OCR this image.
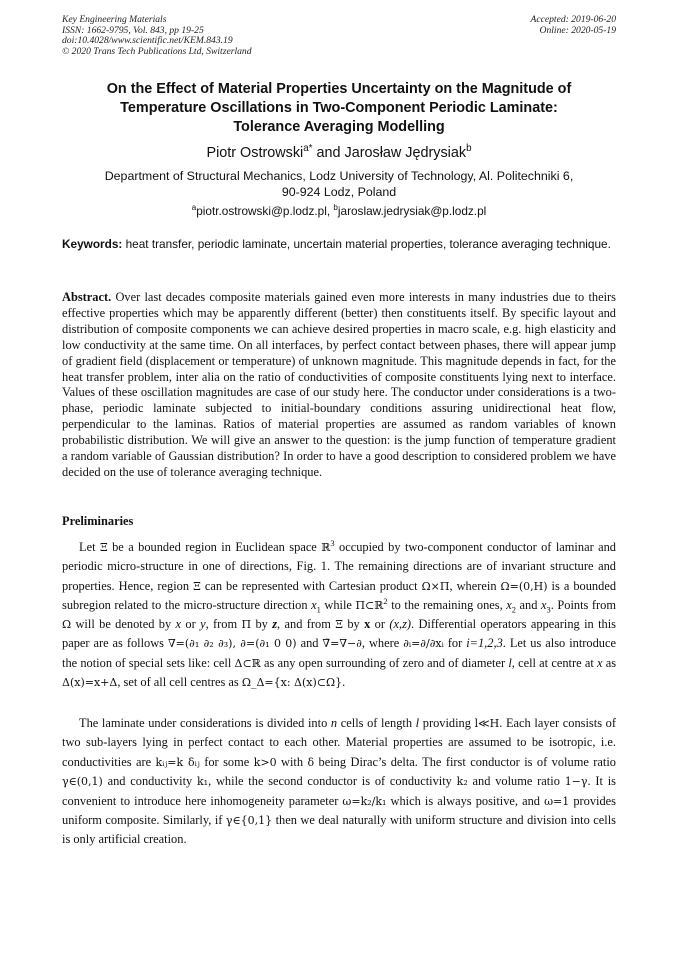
Key Engineering Materials
ISSN: 1662-9795, Vol. 843, pp 19-25
doi:10.4028/www.scientific.net/KEM.843.19
© 2020 Trans Tech Publications Ltd, Switzerland
Accepted: 2019-06-20
Online: 2020-05-19
On the Effect of Material Properties Uncertainty on the Magnitude of
Temperature Oscillations in Two-Component Periodic Laminate:
Tolerance Averaging Modelling
Piotr Ostrowski$^{a*}$ and Jarosław Jędrysiak$^b$
Department of Structural Mechanics, Lodz University of Technology, Al. Politechniki 6,
90-924 Lodz, Poland
$^a$piotr.ostrowski@p.lodz.pl, $^b$jaroslaw.jedrysiak@p.lodz.pl
Keywords: heat transfer, periodic laminate, uncertain material properties, tolerance averaging technique.
Abstract. Over last decades composite materials gained even more interests in many industries due to theirs effective properties which may be apparently different (better) then constituents itself. By specific layout and distribution of composite components we can achieve desired properties in macro scale, e.g. high elasticity and low conductivity at the same time. On all interfaces, by perfect contact between phases, there will appear jump of gradient field (displacement or temperature) of unknown magnitude. This magnitude depends in fact, for the heat transfer problem, inter alia on the ratio of conductivities of composite constituents lying next to interface. Values of these oscillation magnitudes are case of our study here. The conductor under considerations is a two-phase, periodic laminate subjected to initial-boundary conditions assuring unidirectional heat flow, perpendicular to the laminas. Ratios of material properties are assumed as random variables of known probabilistic distribution. We will give an answer to the question: is the jump function of temperature gradient a random variable of Gaussian distribution? In order to have a good description to considered problem we have decided on the use of tolerance averaging technique.
Preliminaries
Let Ξ be a bounded region in Euclidean space ℝ$^3$ occupied by two-component conductor of laminar and periodic micro-structure in one of directions, Fig. 1. The remaining directions are of invariant structure and properties. Hence, region Ξ can be represented with Cartesian product Ω×Π, wherein Ω=(0,H) is a bounded subregion related to the micro-structure direction $x_1$ while Π⊂ℝ$^2$ to the remaining ones, $x_2$ and $x_3$. Points from Ω will be denoted by x or y, from Π by z, and from Ξ by x or (x,z). Differential operators appearing in this paper are as follows ∇=(∂₁ ∂₂ ∂₃), ∂=(∂₁ 0 0) and ∇̄=∇−∂, where ∂ᵢ=∂/∂xᵢ for i=1,2,3. Let us also introduce the notion of special sets like: cell Δ⊂ℝ as any open surrounding of zero and of diameter l, cell at centre at x as Δ(x)=x+Δ, set of all cell centres as Ω_Δ={x: Δ(x)⊂Ω}.
The laminate under considerations is divided into n cells of length l providing l≪H. Each layer consists of two sub-layers lying in perfect contact to each other. Material properties are assumed to be isotropic, i.e. conductivities are kᵢⱼ=k δᵢⱼ for some k>0 with δ being Dirac’s delta. The first conductor is of volume ratio γ∈(0,1) and conductivity k₁, while the second conductor is of conductivity k₂ and volume ratio 1−γ. It is convenient to introduce here inhomogeneity parameter ω=k₂/k₁ which is always positive, and ω=1 provides uniform composite. Similarly, if γ∈{0,1} then we deal naturally with uniform structure and division into cells is only artificial creation.
